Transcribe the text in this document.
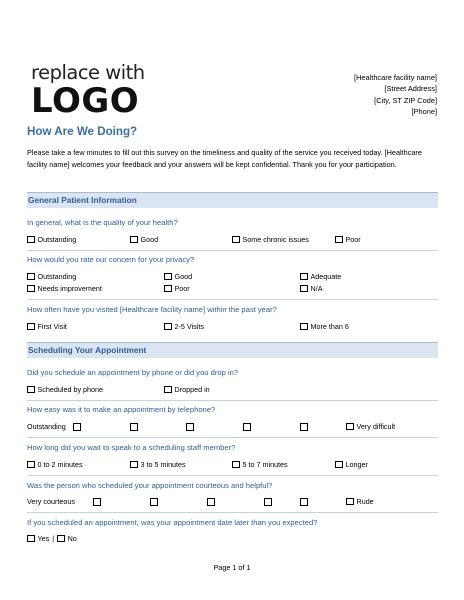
replace with
LOGO
[Healthcare facility name]
[Street Address]
[City, ST ZIP Code]
[Phone]
How Are We Doing?
Please take a few minutes to fill out this survey on the timeliness and quality of the service you received today. [Healthcare facility name] welcomes your feedback and your answers will be kept confidential. Thank you for your participation.
General Patient Information
In general, what is the quality of your health?
Outstanding	Good	Some chronic issues	Poor
How would you rate our concern for your privacy?
Outstanding	Good	Adequate
Needs improvement	Poor	N/A
How often have you visited [Healthcare facility name] within the past year?
First Visit	2-5 Visits	More than 6
Scheduling Your Appointment
Did you schedule an appointment by phone or did you drop in?
Scheduled by phone	Dropped in
How easy was it to make an appointment by telephone?
Outstanding	Very difficult
How long did you wait to speak to a scheduling staff member?
0 to 2 minutes	3 to 5 minutes	5 to 7 minutes	Longer
Was the person who scheduled your appointment courteous and helpful?
Very courteous	Rude
If you scheduled an appointment, was your appointment date later than you expected?
Yes | No
Page 1 of 1
